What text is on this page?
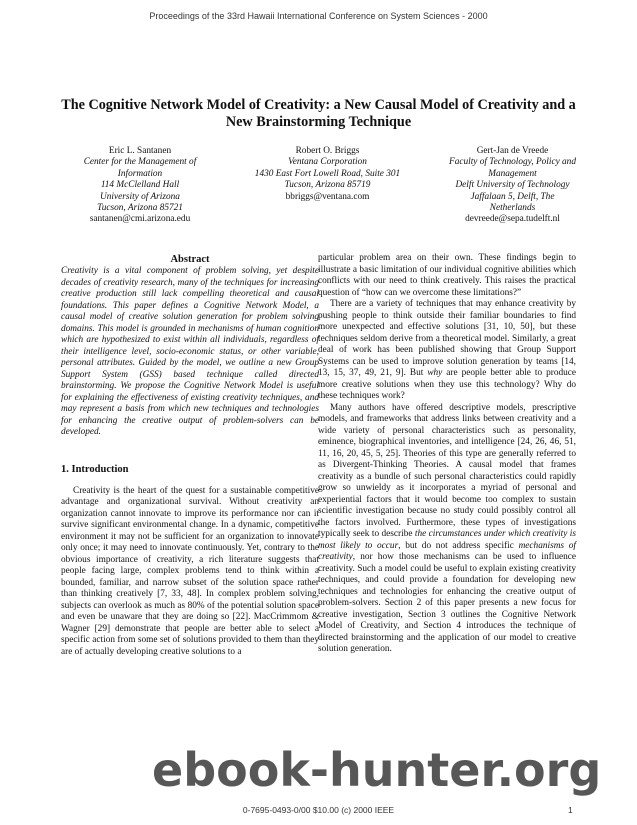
Proceedings of the 33rd Hawaii International Conference on System Sciences - 2000
The Cognitive Network Model of Creativity: a New Causal Model of Creativity and a New Brainstorming Technique
Eric L. Santanen
Center for the Management of
Information
114 McClelland Hall
University of Arizona
Tucson, Arizona 85721
santanen@cmi.arizona.edu
Robert O. Briggs
Ventana Corporation
1430 East Fort Lowell Road, Suite 301
Tucson, Arizona 85719
bbriggs@ventana.com
Gert-Jan de Vreede
Faculty of Technology, Policy and
Management
Delft University of Technology
Jaffalaan 5, Delft, The
Netherlands
devreede@sepa.tudelft.nl
Abstract

Creativity is a vital component of problem solving, yet despite decades of creativity research, many of the techniques for increasing creative production still lack compelling theoretical and causal foundations. This paper defines a Cognitive Network Model, a causal model of creative solution generation for problem solving domains. This model is grounded in mechanisms of human cognition which are hypothesized to exist within all individuals, regardless of their intelligence level, socio-economic status, or other variable, personal attributes. Guided by the model, we outline a new Group Support System (GSS) based technique called directed brainstorming. We propose the Cognitive Network Model is useful for explaining the effectiveness of existing creativity techniques, and may represent a basis from which new techniques and technologies for enhancing the creative output of problem-solvers can be developed.

1. Introduction

Creativity is the heart of the quest for a sustainable competitive advantage and organizational survival. Without creativity an organization cannot innovate to improve its performance nor can it survive significant environmental change. In a dynamic, competitive environment it may not be sufficient for an organization to innovate only once; it may need to innovate continuously. Yet, contrary to the obvious importance of creativity, a rich literature suggests that people facing large, complex problems tend to think within a bounded, familiar, and narrow subset of the solution space rather than thinking creatively [7, 33, 48]. In complex problem solving, subjects can overlook as much as 80% of the potential solution space and even be unaware that they are doing so [22]. MacCrimmom & Wagner [29] demonstrate that people are better able to select a specific action from some set of solutions provided to them than they are of actually developing creative solutions to a

particular problem area on their own. These findings begin to illustrate a basic limitation of our individual cognitive abilities which conflicts with our need to think creatively. This raises the practical question of “how can we overcome these limitations?”

There are a variety of techniques that may enhance creativity by pushing people to think outside their familiar boundaries to find more unexpected and effective solutions [31, 10, 50], but these techniques seldom derive from a theoretical model. Similarly, a great deal of work has been published showing that Group Support Systems can be used to improve solution generation by teams [14, 13, 15, 37, 49, 21, 9]. But why are people better able to produce more creative solutions when they use this technology? Why do these techniques work?

Many authors have offered descriptive models, prescriptive models, and frameworks that address links between creativity and a wide variety of personal characteristics such as personality, eminence, biographical inventories, and intelligence [24, 26, 46, 51, 11, 16, 20, 45, 5, 25]. Theories of this type are generally referred to as Divergent-Thinking Theories. A causal model that frames creativity as a bundle of such personal characteristics could rapidly grow so unwieldy as it incorporates a myriad of personal and experiential factors that it would become too complex to sustain scientific investigation because no study could possibly control all the factors involved. Furthermore, these types of investigations typically seek to describe the circumstances under which creativity is most likely to occur, but do not address specific mechanisms of creativity, nor how those mechanisms can be used to influence creativity. Such a model could be useful to explain existing creativity techniques, and could provide a foundation for developing new techniques and technologies for enhancing the creative output of problem-solvers. Section 2 of this paper presents a new focus for creative investigation, Section 3 outlines the Cognitive Network Model of Creativity, and Section 4 introduces the technique of directed brainstorming and the application of our model to creative solution generation.

ebook-hunter.org
0-7695-0493-0/00 $10.00 (c) 2000 IEEE	1
